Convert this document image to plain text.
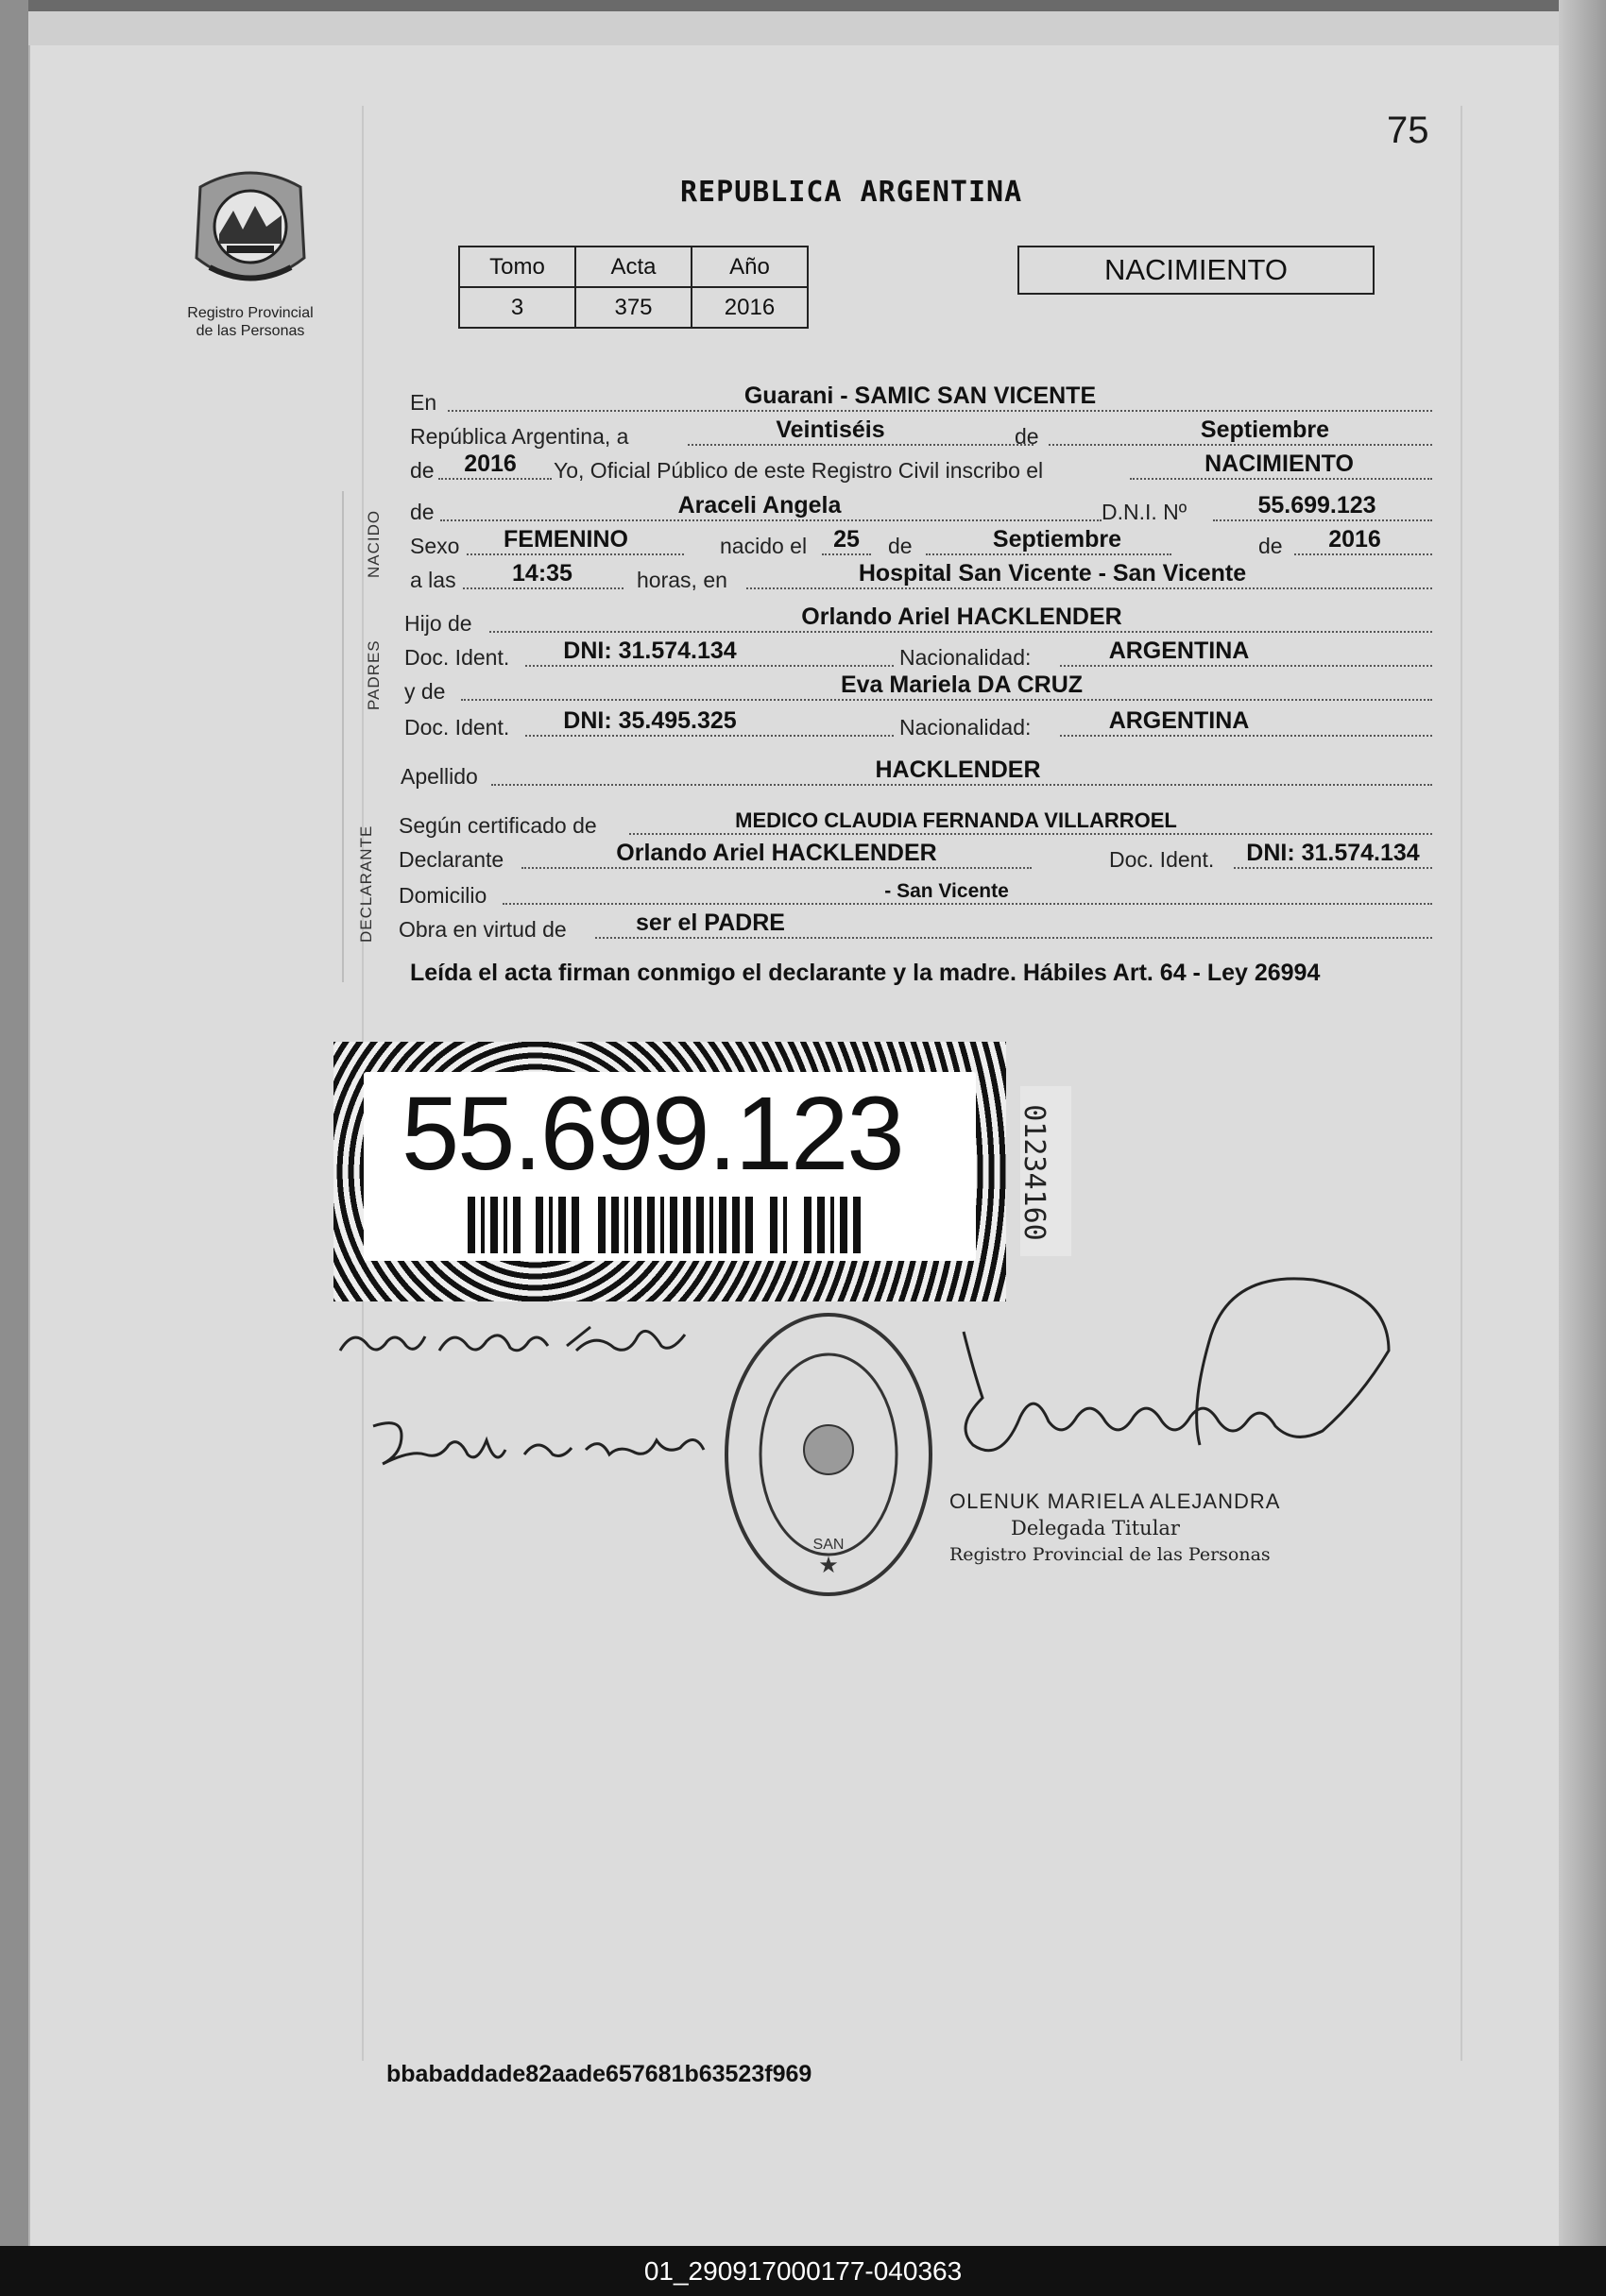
75
REPUBLICA ARGENTINA
Registro Provincial
de las Personas
Tomo	Acta	Año
3	375	2016
NACIMIENTO
NACIDO
PADRES
DECLARANTE
En	Guarani - SAMIC SAN VICENTE
República Argentina, a	Veintiséis	de	Septiembre
de	2016	Yo, Oficial Público de este Registro Civil inscribo el	NACIMIENTO
de	Araceli Angela	D.N.I. Nº	55.699.123
Sexo	FEMENINO	nacido el	25	de	Septiembre	de	2016
a las	14:35	horas, en	Hospital San Vicente - San Vicente
Hijo de	Orlando Ariel HACKLENDER
Doc. Ident.	DNI: 31.574.134	Nacionalidad:	ARGENTINA
y de	Eva Mariela DA CRUZ
Doc. Ident.	DNI: 35.495.325	Nacionalidad:	ARGENTINA
Apellido	HACKLENDER
Según certificado de	MEDICO CLAUDIA FERNANDA VILLARROEL
Declarante	Orlando Ariel HACKLENDER	Doc. Ident.	DNI: 31.574.134
Domicilio	- San Vicente
Obra en virtud de	ser el PADRE
Leída el acta firman conmigo el declarante y la madre. Hábiles Art. 64 - Ley 26994
55.699.123	01234160
★
SAN
OLENUK MARIELA ALEJANDRA
Delegada Titular
Registro Provincial de las Personas
bbabaddade82aade657681b63523f969
01_290917000177-040363
